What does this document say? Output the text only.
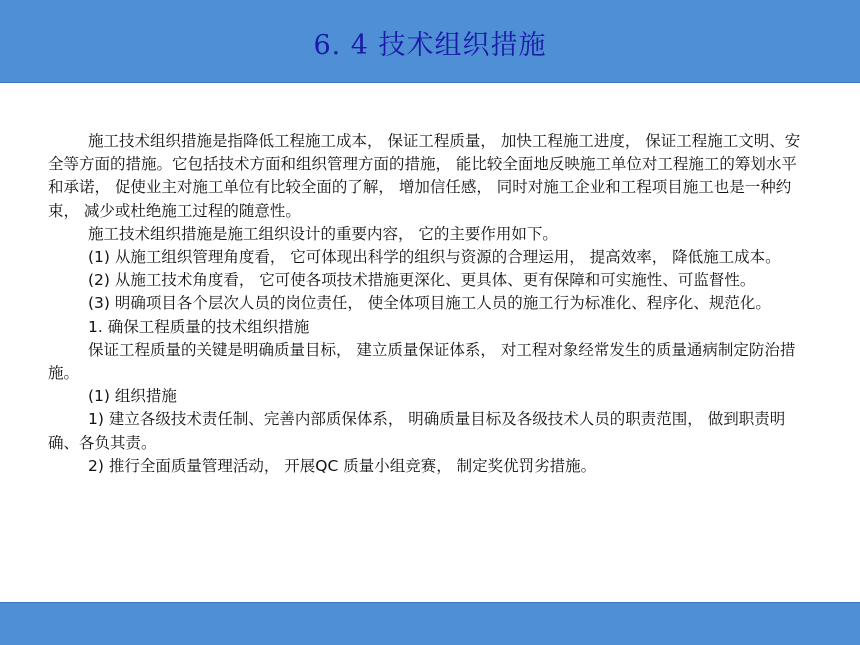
6. 4 技术组织措施

施工技术组织措施是指降低工程施工成本， 保证工程质量， 加快工程施工进度， 保证工程施工文明、安全等方面的措施。它包括技术方面和组织管理方面的措施， 能比较全面地反映施工单位对工程施工的筹划水平和承诺， 促使业主对施工单位有比较全面的了解， 增加信任感， 同时对施工企业和工程项目施工也是一种约束， 减少或杜绝施工过程的随意性。

施工技术组织措施是施工组织设计的重要内容， 它的主要作用如下。

(1) 从施工组织管理角度看， 它可体现出科学的组织与资源的合理运用， 提高效率， 降低施工成本。

(2) 从施工技术角度看， 它可使各项技术措施更深化、更具体、更有保障和可实施性、可监督性。

(3) 明确项目各个层次人员的岗位责任， 使全体项目施工人员的施工行为标准化、程序化、规范化。

1. 确保工程质量的技术组织措施

保证工程质量的关键是明确质量目标， 建立质量保证体系， 对工程对象经常发生的质量通病制定防治措施。

(1) 组织措施

1) 建立各级技术责任制、完善内部质保体系， 明确质量目标及各级技术人员的职责范围， 做到职责明确、各负其责。

2) 推行全面质量管理活动， 开展QC 质量小组竞赛， 制定奖优罚劣措施。
